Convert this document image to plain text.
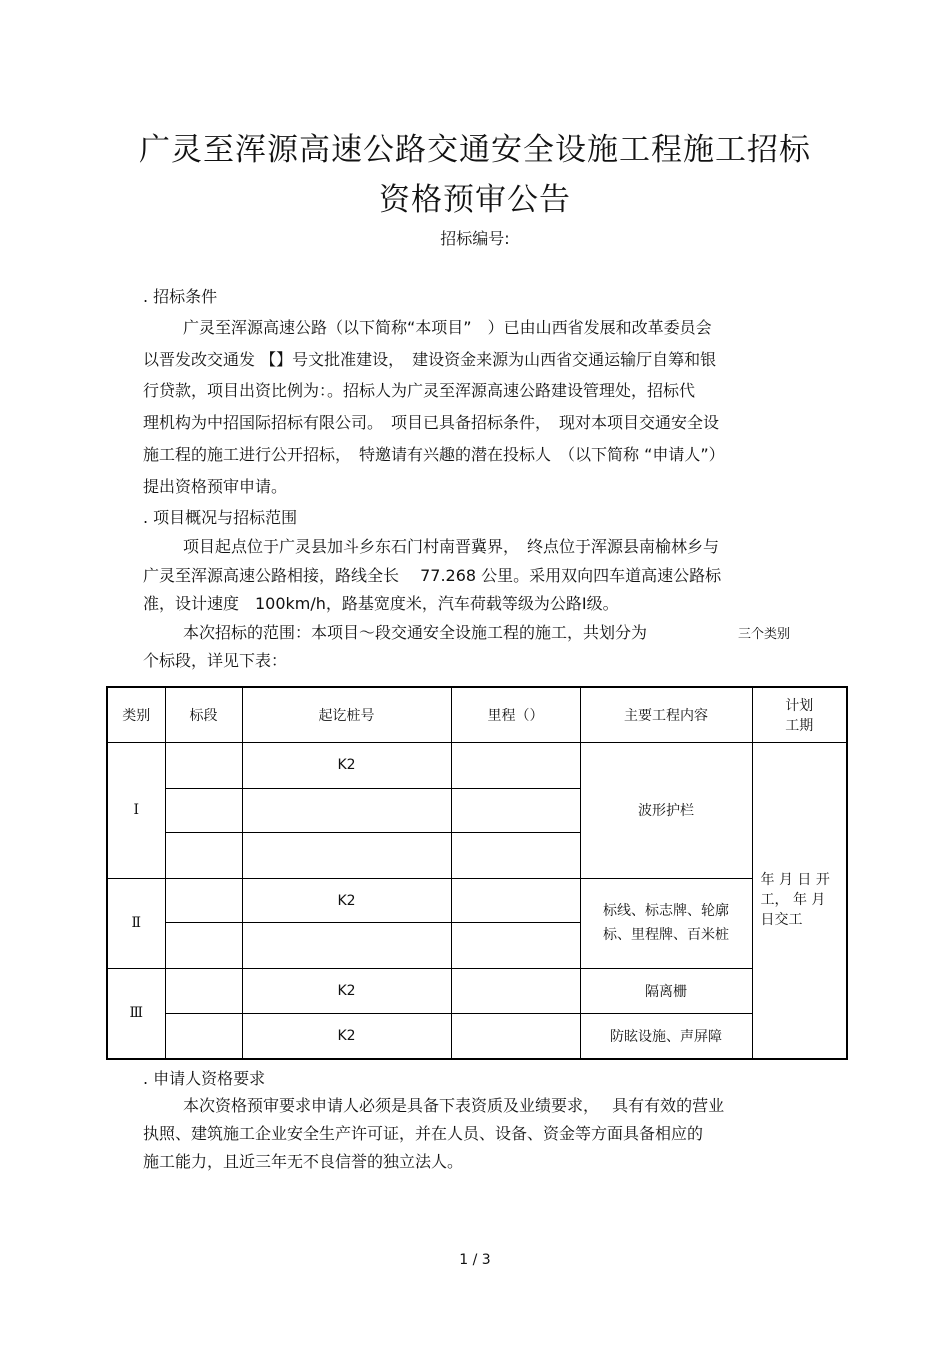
广灵至浑源高速公路交通安全设施工程施工招标
资格预审公告
招标编号:
. 招标条件
广灵至浑源高速公路（以下简称“本项目”　）已由山西省发展和改革委员会
以晋发改交通发 【】号文批准建设，　建设资金来源为山西省交通运输厅自筹和银
行贷款，项目出资比例为：。招标人为广灵至浑源高速公路建设管理处，招标代
理机构为中招国际招标有限公司。　项目已具备招标条件，　现对本项目交通安全设
施工程的施工进行公开招标，　特邀请有兴趣的潜在投标人　（以下简称 “申请人”）
提出资格预审申请。
. 项目概况与招标范围
项目起点位于广灵县加斗乡东石门村南晋冀界，　终点位于浑源县南榆林乡与
广灵至浑源高速公路相接，路线全长　 77.268 公里。采用双向四车道高速公路标
准，设计速度　100km/h，路基宽度米，汽车荷载等级为公路Ⅰ级。
本次招标的范围：本项目～段交通安全设施工程的施工，共划分为	三个类别
个标段，详见下表：
类别	标段	起讫桩号	里程（）	主要工程内容	计划
工期

Ⅰ		K2		波形护栏	年 月 日 开
工， 年 月
日交工

Ⅱ		K2		标线、标志牌、轮廓
标、里程牌、百米桩	

Ⅲ		K2		隔离栅	
		K2		防眩设施、声屏障	
. 申请人资格要求
本次资格预审要求申请人必须是具备下表资质及业绩要求，　 具有有效的营业
执照、建筑施工企业安全生产许可证，并在人员、设备、资金等方面具备相应的
施工能力，且近三年无不良信誉的独立法人。
1 / 3
